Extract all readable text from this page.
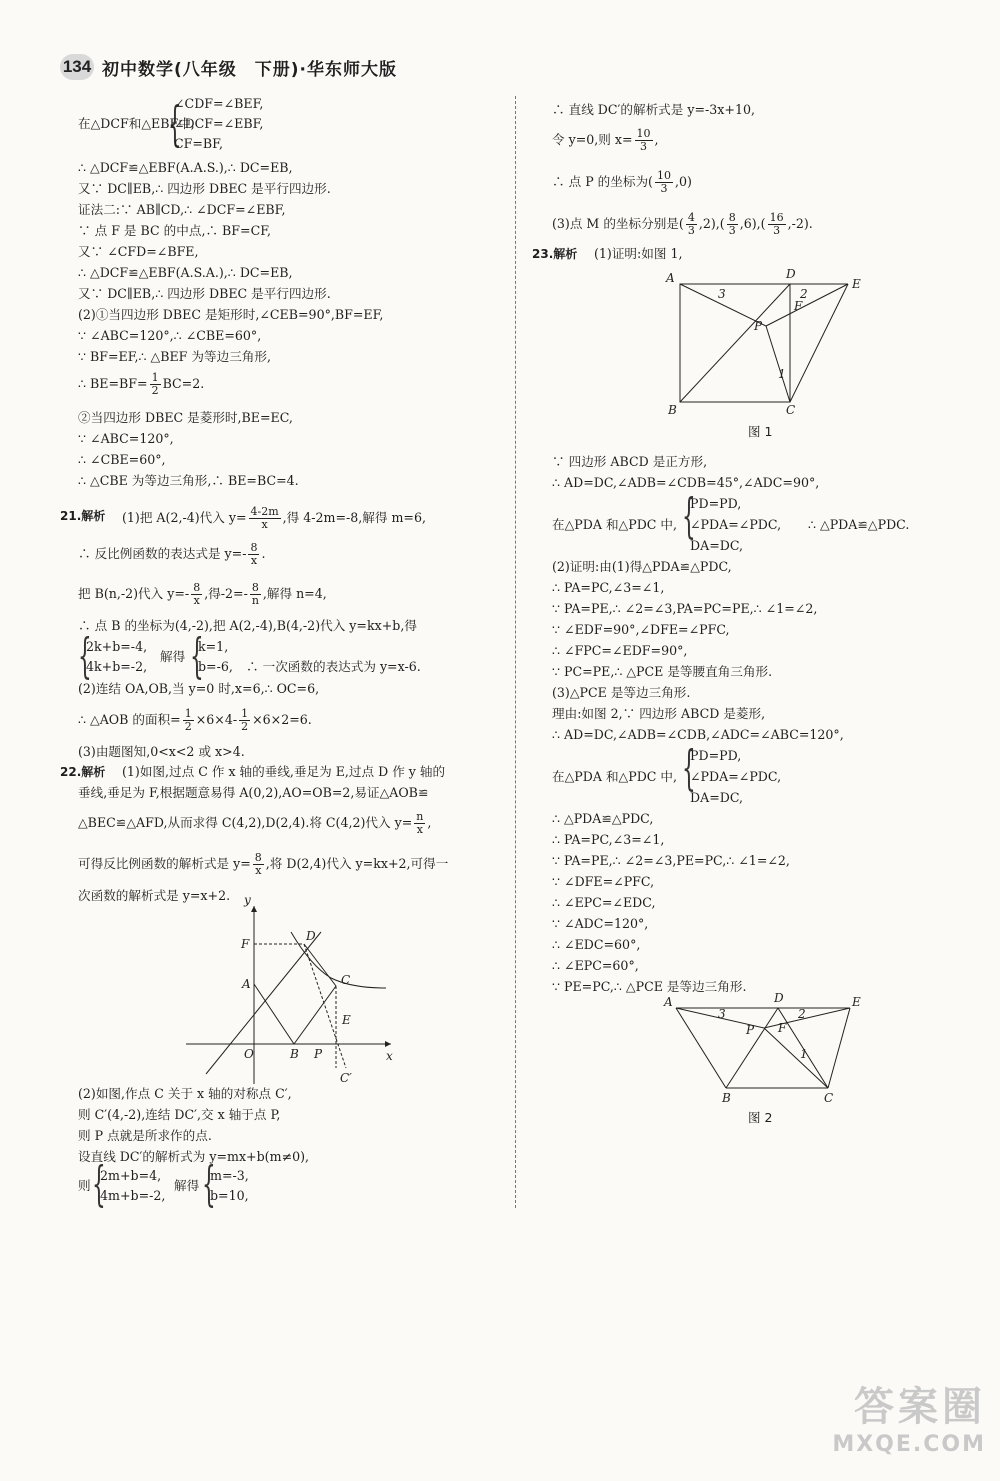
134 初中数学(八年级　下册)·华东师大版
{
∠CDF=∠BEF,
在△DCF和△EBF中,
∠DCF=∠EBF,
CF=BF,
∴ △DCF≌△EBF(A.A.S.),∴ DC=EB,
又∵ DC∥EB,∴ 四边形 DBEC 是平行四边形.
证法二:∵ AB∥CD,∴ ∠DCF=∠EBF,
∵ 点 F 是 BC 的中点,∴ BF=CF,
又∵ ∠CFD=∠BFE,
∴ △DCF≌△EBF(A.S.A.),∴ DC=EB,
又∵ DC∥EB,∴ 四边形 DBEC 是平行四边形.
(2)①当四边形 DBEC 是矩形时,∠CEB=90°,BF=EF,
∵ ∠ABC=120°,∴ ∠CBE=60°,
∵ BF=EF,∴ △BEF 为等边三角形,
∴ $BE=BF= \frac{1}{2} BC=2$.
②当四边形 DBEC 是菱形时,BE=EC,
∵ ∠ABC=120°,
∴ ∠CBE=60°,
∴ △CBE 为等边三角形,∴ BE=BC=4.
21.解析 (1)把 A(2,-4)代入 $y= \frac{4-2m}{x}$ ,得 4-2m=-8,解得 m=6,
∴ 反比例函数的表达式是 $y=- \frac{8}{x}$ .
把 B(n,-2)代入 $y=- \frac{8}{x}$ ,得$-2=- \frac{8}{n}$ ,解得 n=4,
∴ 点 B 的坐标为(4,-2),把 A(2,-4),B(4,-2)代入 y=kx+b,得
{
2k+b=-4,
4k+b=-2,
解得 {
k=1,
b=-6, ∴ 一次函数的表达式为 y=x-6.
(2)连结 OA,OB,当 y=0 时,x=6,∴ OC=6,
∴ △AOB 的面积= $\frac{1}{2} \times 6\times 4- \frac{1}{2} \times 6\times 2=6$.
(3)由题图知,0<x<2 或 x>4.
22.解析 (1)如图,过点 C 作 x 轴的垂线,垂足为 E,过点 D 作 y 轴的
垂线,垂足为 F,根据题意易得 A(0,2),AO=OB=2,易证△AOB≌
△BEC≌△AFD,从而求得 C(4,2),D(2,4).将 C(4,2)代入 $y= \frac{n}{x}$ ,
可得反比例函数的解析式是 $y= \frac{8}{x}$ ,将 D(2,4)代入 y=kx+2,可得一
次函数的解析式是 y=x+2. y
x
F
D
A	C
E
O	B P
C′
(2)如图,作点 C 关于 x 轴的对称点 C′,
则 C′(4,-2),连结 DC′,交 x 轴于点 P,
则 P 点就是所求作的点.
设直线 DC′的解析式为 y=mx+b(m≠0),
则 {
2m+b=4,
4m+b=-2,
解得 {
m=-3,
b=10,
∴ 直线 DC′的解析式是 y=-3x+10,
令 y=0,则 $x= \frac{10}{3}$ ,
∴ 点 P 的坐标为( $\frac{10}{3} ,0$)
(3)点 M 的坐标分别是( $\frac{4}{3} ,2),( \frac{8}{3} ,6),( \frac{16}{3} ,-2)$.
23.解析 (1)证明:如图 1,
A	D
E
B	C
P
F
3	2
1
图 1
∵ 四边形 ABCD 是正方形,
∴ AD=DC,∠ADB=∠CDB=45°,∠ADC=90°,
{
PD=PD,
在△PDA 和△PDC 中, ∠PDA=∠PDC, ∴ △PDA≌△PDC.
DA=DC,
(2)证明:由(1)得△PDA≌△PDC,
∴ PA=PC,∠3=∠1,
∵ PA=PE,∴ ∠2=∠3,PA=PC=PE,∴ ∠1=∠2,
∵ ∠EDF=90°,∠DFE=∠PFC,
∴ ∠FPC=∠EDF=90°,
∵ PC=PE,∴ △PCE 是等腰直角三角形.
(3)△PCE 是等边三角形.
理由:如图 2,∵ 四边形 ABCD 是菱形,
∴ AD=DC,∠ADB=∠CDB,∠ADC=∠ABC=120°,
{
PD=PD,
在△PDA 和△PDC 中, ∠PDA=∠PDC,
DA=DC,
∴ △PDA≌△PDC,
∴ PA=PC,∠3=∠1,
∵ PA=PE,∴ ∠2=∠3,PE=PC,∴ ∠1=∠2,
∵ ∠DFE=∠PFC,
∴ ∠EPC=∠EDC,
∵ ∠ADC=120°,
∴ ∠EDC=60°,
∴ ∠EPC=60°,
∵ PE=PC,∴ △PCE 是等边三角形.
A	D	E
B	C
P F
3	2
1
图 2
答案圈
MXQE.COM
